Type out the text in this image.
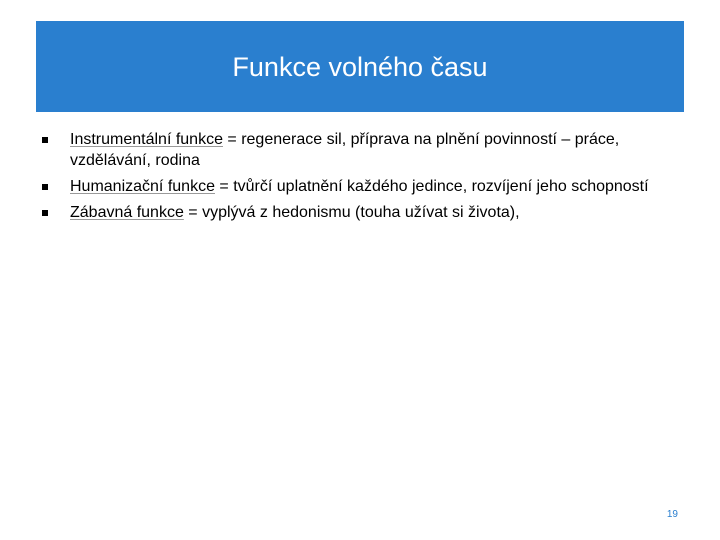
Funkce volného času
Instrumentální funkce = regenerace sil, příprava na plnění povinností – práce, vzdělávání, rodina
Humanizační funkce = tvůrčí uplatnění každého jedince, rozvíjení jeho schopností
Zábavná funkce = vyplývá z hedonismu (touha užívat si života),
19
